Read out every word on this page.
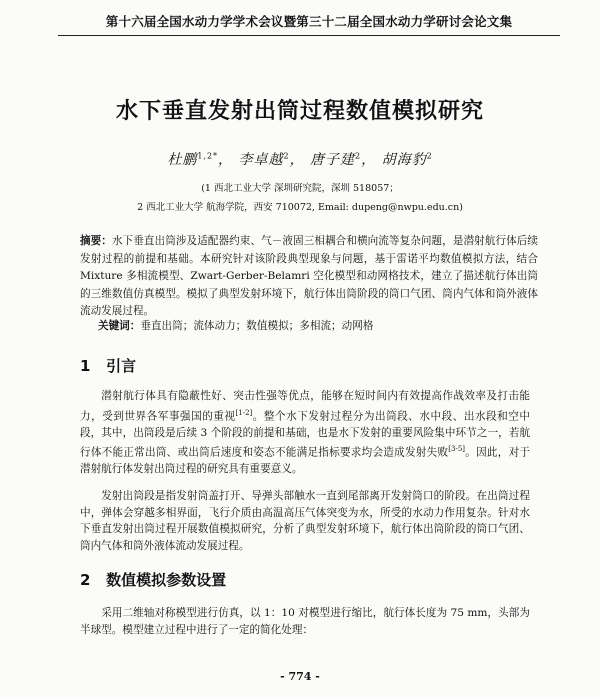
第十六届全国水动力学学术会议暨第三十二届全国水动力学研讨会论文集
水下垂直发射出筒过程数值模拟研究
杜鹏$^{1,2*}$， 李卓越$^2$， 唐子建$^2$， 胡海豹$^2$
(1 西北工业大学 深圳研究院，深圳 518057；
2 西北工业大学 航海学院，西安 710072, Email: dupeng@nwpu.edu.cn)
摘要：水下垂直出筒涉及适配器约束、气－液固三相耦合和横向流等复杂问题，是潜射航行体后续发射过程的前提和基础。本研究针对该阶段典型现象与问题，基于雷诺平均数值模拟方法，结合 Mixture 多相流模型、Zwart-Gerber-Belamri 空化模型和动网格技术，建立了描述航行体出筒的三维数值仿真模型。模拟了典型发射环境下，航行体出筒阶段的筒口气团、筒内气体和筒外液体流动发展过程。
关键词：垂直出筒；流体动力；数值模拟；多相流；动网格
1 引言
潜射航行体具有隐蔽性好、突击性强等优点，能够在短时间内有效提高作战效率及打击能力，受到世界各军事强国的重视[1-2]。整个水下发射过程分为出筒段、水中段、出水段和空中段，其中，出筒段是后续 3 个阶段的前提和基础，也是水下发射的重要风险集中环节之一，若航行体不能正常出筒、或出筒后速度和姿态不能满足指标要求均会造成发射失败[3-5]。因此，对于潜射航行体发射出筒过程的研究具有重要意义。
发射出筒段是指发射筒盖打开、导弹头部触水一直到尾部离开发射筒口的阶段。在出筒过程中，弹体会穿越多相界面，飞行介质由高温高压气体突变为水，所受的水动力作用复杂。针对水下垂直发射出筒过程开展数值模拟研究，分析了典型发射环境下，航行体出筒阶段的筒口气团、筒内气体和筒外液体流动发展过程。
2 数值模拟参数设置
采用二维轴对称模型进行仿真，以 1：10 对模型进行缩比，航行体长度为 75 mm，头部为半球型。模型建立过程中进行了一定的简化处理：
- 774 -
